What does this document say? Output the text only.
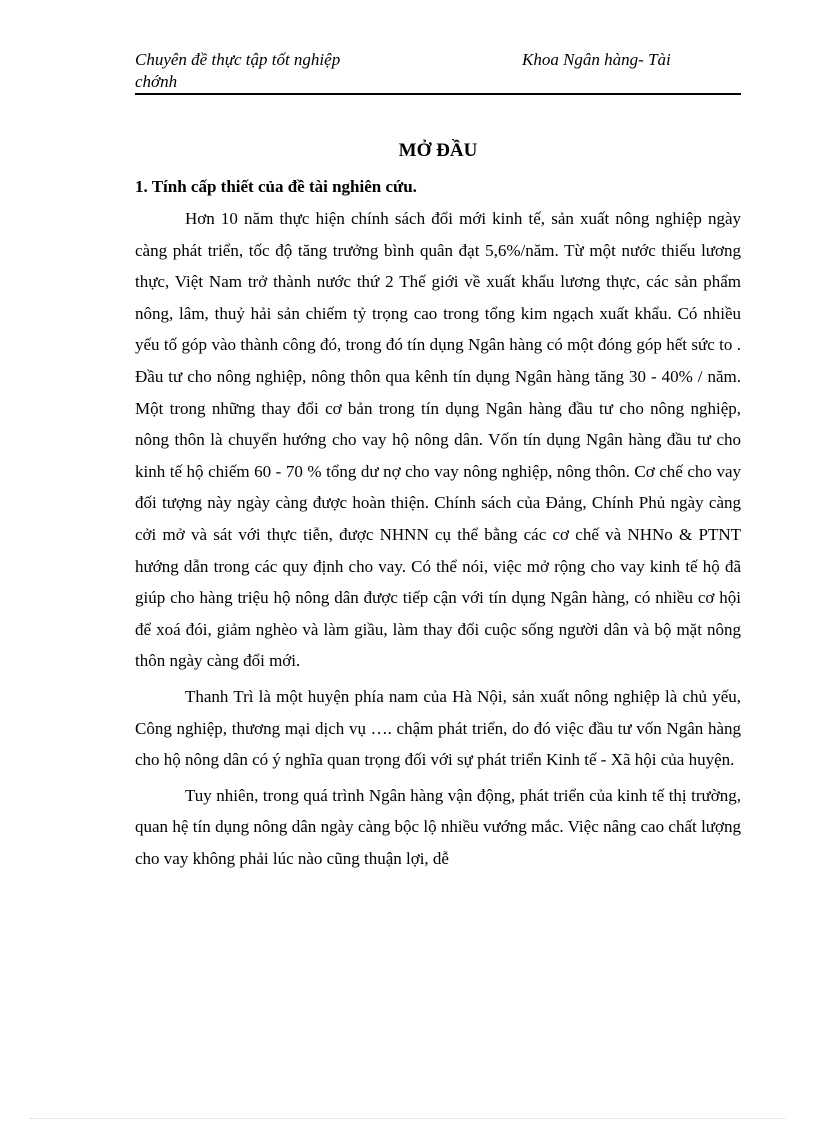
Chuyên đề thực tập tốt nghiệp chớnh
Khoa Ngân hàng- Tài
MỞ ĐẦU
1. Tính cấp thiết của đề tài nghiên cứu.

Hơn 10 năm thực hiện chính sách đổi mới kinh tế, sản xuất nông nghiệp ngày càng phát triển, tốc độ tăng trưởng bình quân đạt 5,6%/năm. Từ một nước thiếu lương thực, Việt Nam trở thành nước thứ 2 Thế giới về xuất khẩu lương thực, các sản phẩm nông, lâm, thuỷ hải sản chiếm tỷ trọng cao trong tổng kim ngạch xuất khẩu. Có nhiều yếu tố góp vào thành công đó, trong đó tín dụng Ngân hàng có một đóng góp hết sức to . Đầu tư cho nông nghiệp, nông thôn qua kênh tín dụng Ngân hàng tăng 30 - 40% / năm. Một trong những thay đổi cơ bản trong tín dụng Ngân hàng đầu tư cho nông nghiệp, nông thôn là chuyển hướng cho vay hộ nông dân. Vốn tín dụng Ngân hàng đầu tư cho kinh tế hộ chiếm 60 - 70 % tổng dư nợ cho vay nông nghiệp, nông thôn. Cơ chế cho vay đối tượng này ngày càng được hoàn thiện. Chính sách của Đảng, Chính Phủ ngày càng cởi mở và sát với thực tiễn, được NHNN cụ thể bằng các cơ chế và NHNo & PTNT hướng dẫn trong các quy định cho vay. Có thể nói, việc mở rộng cho vay kinh tế hộ đã giúp cho hàng triệu hộ nông dân được tiếp cận với tín dụng Ngân hàng, có nhiều cơ hội để xoá đói, giảm nghèo và làm giầu, làm thay đổi cuộc sống người dân và bộ mặt nông thôn ngày càng đổi mới.

Thanh Trì là một huyện phía nam của Hà Nội, sản xuất nông nghiệp là chủ yếu, Công nghiệp, thương mại dịch vụ …. chậm phát triển, do đó việc đầu tư vốn Ngân hàng cho hộ nông dân có ý nghĩa quan trọng đối với sự phát triển Kinh tế - Xã hội của huyện.

Tuy nhiên, trong quá trình Ngân hàng vận động, phát triển của kinh tế thị trường, quan hệ tín dụng nông dân ngày càng bộc lộ nhiều vướng mắc. Việc nâng cao chất lượng cho vay không phải lúc nào cũng thuận lợi, dễ
